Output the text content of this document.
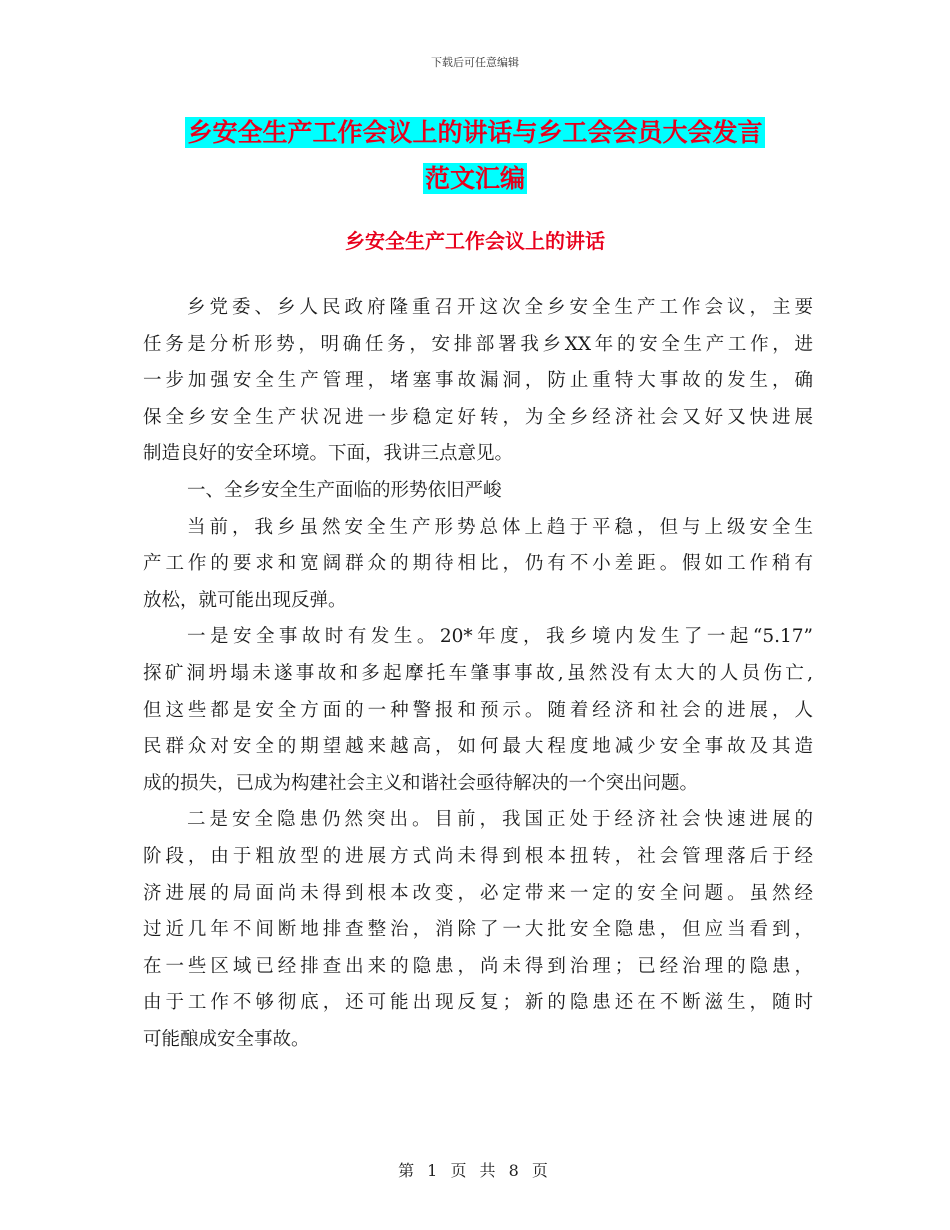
下载后可任意编辑
乡安全生产工作会议上的讲话与乡工会会员大会发言
范文汇编
乡安全生产工作会议上的讲话
乡党委、乡人民政府隆重召开这次全乡安全生产工作会议，主要
任务是分析形势，明确任务，安排部署我乡XX年的安全生产工作，进
一步加强安全生产管理，堵塞事故漏洞，防止重特大事故的发生，确
保全乡安全生产状况进一步稳定好转，为全乡经济社会又好又快进展
制造良好的安全环境。下面，我讲三点意见。
一、全乡安全生产面临的形势依旧严峻
当前，我乡虽然安全生产形势总体上趋于平稳，但与上级安全生
产工作的要求和宽阔群众的期待相比，仍有不小差距。假如工作稍有
放松，就可能出现反弹。
一是安全事故时有发生。20*年度，我乡境内发生了一起“5.17”
探矿洞坍塌未遂事故和多起摩托车肇事事故,虽然没有太大的人员伤亡,
但这些都是安全方面的一种警报和预示。随着经济和社会的进展，人
民群众对安全的期望越来越高，如何最大程度地减少安全事故及其造
成的损失，已成为构建社会主义和谐社会亟待解决的一个突出问题。
二是安全隐患仍然突出。目前，我国正处于经济社会快速进展的
阶段，由于粗放型的进展方式尚未得到根本扭转，社会管理落后于经
济进展的局面尚未得到根本改变，必定带来一定的安全问题。虽然经
过近几年不间断地排查整治，消除了一大批安全隐患，但应当看到，
在一些区域已经排查出来的隐患，尚未得到治理；已经治理的隐患，
由于工作不够彻底，还可能出现反复；新的隐患还在不断滋生，随时
可能酿成安全事故。
第 1 页 共 8 页
